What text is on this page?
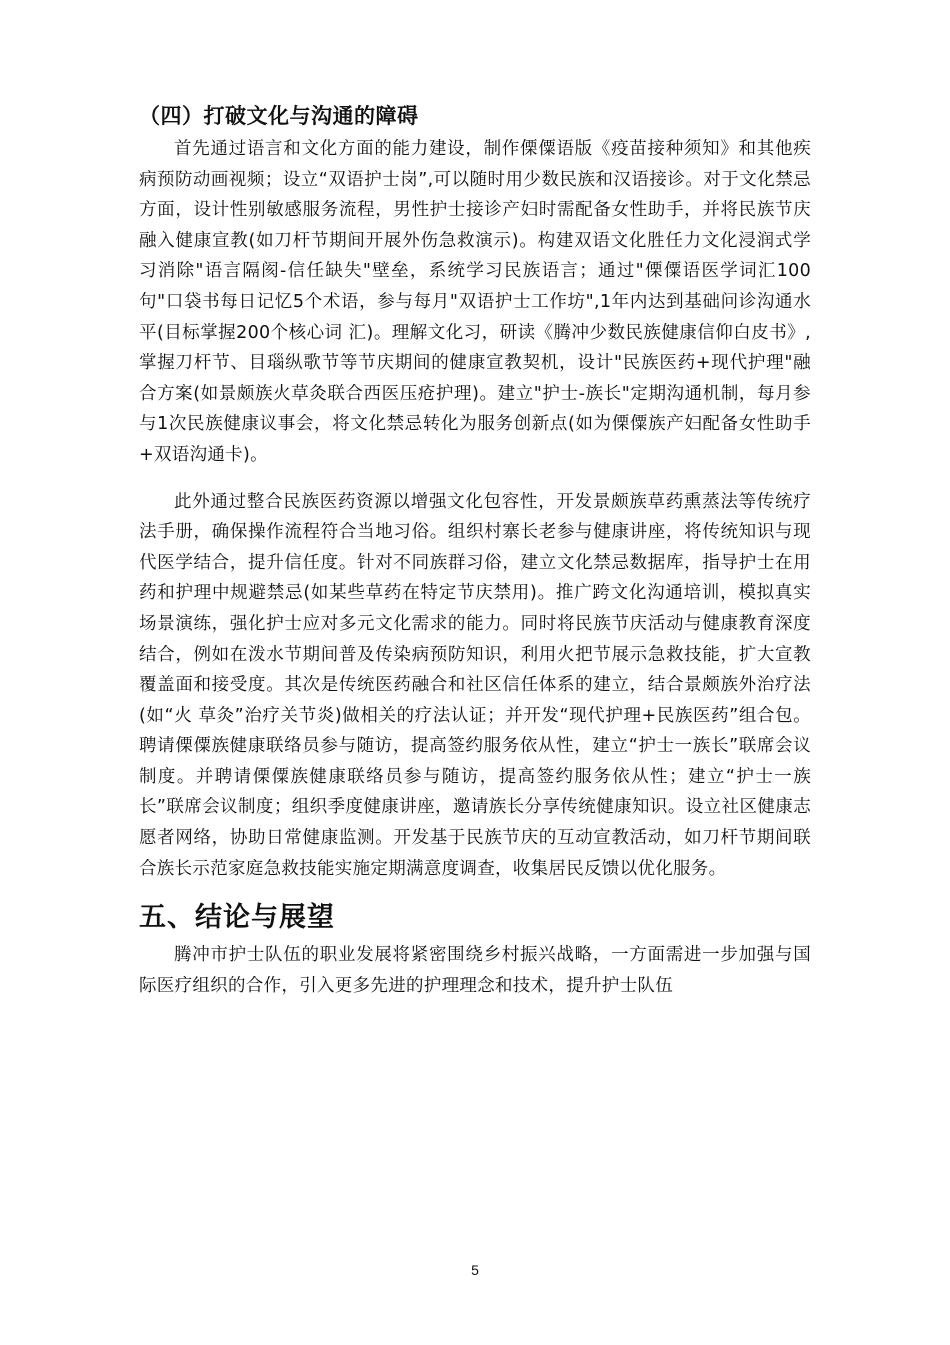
（四）打破文化与沟通的障碍

首先通过语言和文化方面的能力建设，制作傈僳语版《疫苗接种须知》和其他疾病预防动画视频；设立“双语护士岗”,可以随时用少数民族和汉语接诊。对于文化禁忌方面，设计性别敏感服务流程，男性护士接诊产妇时需配备女性助手，并将民族节庆融入健康宣教(如刀杆节期间开展外伤急救演示)。构建双语文化胜任力文化浸润式学习消除"语言隔阂-信任缺失"壁垒，系统学习民族语言；通过"傈僳语医学词汇100句"口袋书每日记忆5个术语，参与每月"双语护士工作坊",1年内达到基础问诊沟通水平(目标掌握200个核心词 汇)。理解文化习，研读《腾冲少数民族健康信仰白皮书》,掌握刀杆节、目瑙纵歌节等节庆期间的健康宣教契机，设计"民族医药+现代护理"融合方案(如景颇族火草灸联合西医压疮护理)。建立"护士-族长"定期沟通机制，每月参与1次民族健康议事会，将文化禁忌转化为服务创新点(如为傈僳族产妇配备女性助手+双语沟通卡)。

此外通过整合民族医药资源以增强文化包容性，开发景颇族草药熏蒸法等传统疗法手册，确保操作流程符合当地习俗。组织村寨长老参与健康讲座，将传统知识与现代医学结合，提升信任度。针对不同族群习俗，建立文化禁忌数据库，指导护士在用药和护理中规避禁忌(如某些草药在特定节庆禁用)。推广跨文化沟通培训，模拟真实场景演练，强化护士应对多元文化需求的能力。同时将民族节庆活动与健康教育深度结合，例如在泼水节期间普及传染病预防知识，利用火把节展示急救技能，扩大宣教覆盖面和接受度。其次是传统医药融合和社区信任体系的建立，结合景颇族外治疗法(如“火 草灸”治疗关节炎)做相关的疗法认证；并开发“现代护理+民族医药”组合包。聘请傈僳族健康联络员参与随访，提高签约服务依从性，建立“护士一族长”联席会议制度。并聘请傈僳族健康联络员参与随访，提高签约服务依从性；建立“护士一族长”联席会议制度；组织季度健康讲座，邀请族长分享传统健康知识。设立社区健康志愿者网络，协助日常健康监测。开发基于民族节庆的互动宣教活动，如刀杆节期间联合族长示范家庭急救技能实施定期满意度调查，收集居民反馈以优化服务。

五、结论与展望

腾冲市护士队伍的职业发展将紧密围绕乡村振兴战略，一方面需进一步加强与国际医疗组织的合作，引入更多先进的护理理念和技术，提升护士队伍

5
